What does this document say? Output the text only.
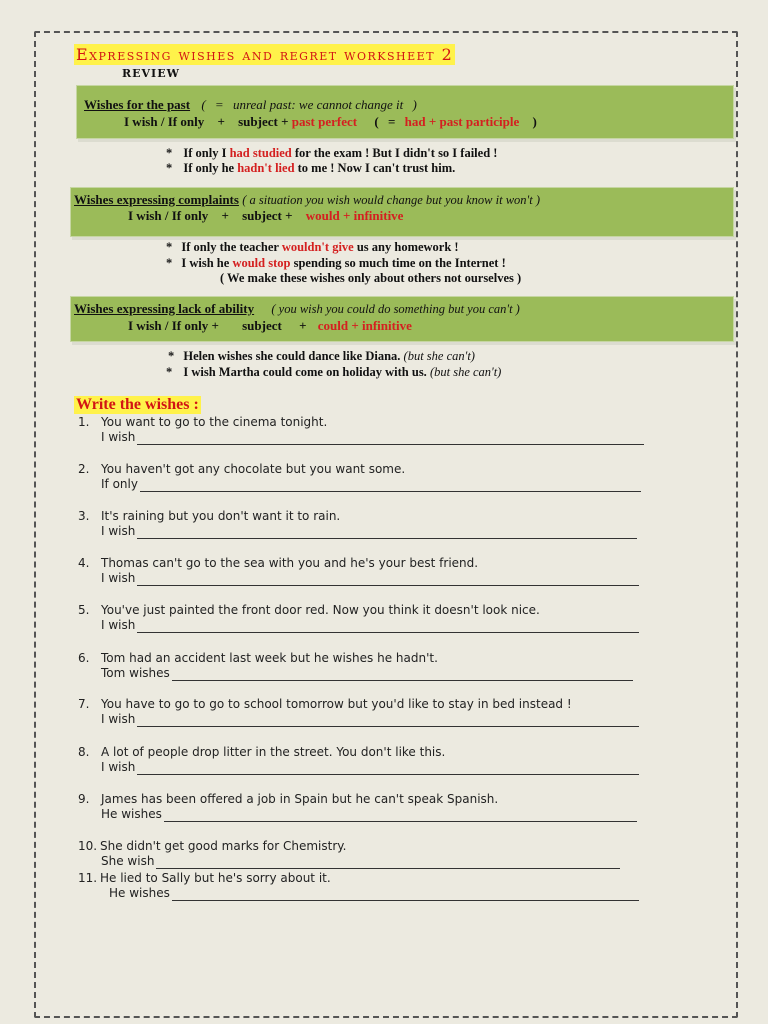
Expressing wishes and regret worksheet 2
REVIEW
Wishes for the past ( = unreal past: we cannot change it )
I wish / If only + subject + past perfect ( = had + past participle )
* If only I had studied for the exam ! But I didn't so I failed !
* If only he hadn't lied to me ! Now I can't trust him.
Wishes expressing complaints ( a situation you wish would change but you know it won't )
I wish / If only + subject + would + infinitive
* If only the teacher wouldn't give us any homework !
* I wish he would stop spending so much time on the Internet !
( We make these wishes only about others not ourselves )
Wishes expressing lack of ability ( you wish you could do something but you can't )
I wish / If only + subject + could + infinitive
* Helen wishes she could dance like Diana. (but she can't)
* I wish Martha could come on holiday with us. (but she can't)
Write the wishes :
1. You want to go to the cinema tonight.
I wish
2. You haven't got any chocolate but you want some.
If only
3. It's raining but you don't want it to rain.
I wish
4. Thomas can't go to the sea with you and he's your best friend.
I wish
5. You've just painted the front door red. Now you think it doesn't look nice.
I wish
6. Tom had an accident last week but he wishes he hadn't.
Tom wishes
7. You have to go to go to school tomorrow but you'd like to stay in bed instead !
I wish
8. A lot of people drop litter in the street. You don't like this.
I wish
9. James has been offered a job in Spain but he can't speak Spanish.
He wishes
10. She didn't get good marks for Chemistry.
She wish
11. He lied to Sally but he's sorry about it.
He wishes
